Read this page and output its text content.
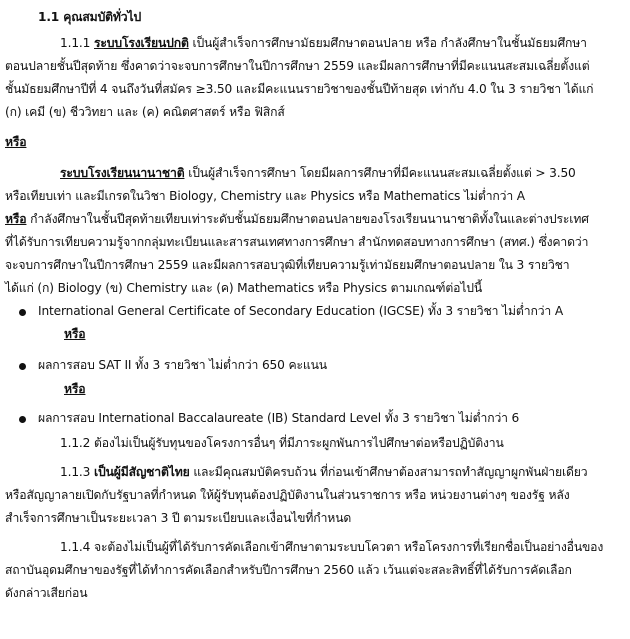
1.1 คุณสมบัติทั่วไป
1.1.1 ระบบโรงเรียนปกติ เป็นผู้สำเร็จการศึกษามัธยมศึกษาตอนปลาย หรือ กำลังศึกษาในชั้นมัธยมศึกษา
ตอนปลายชั้นปีสุดท้าย ซึ่งคาดว่าจะจบการศึกษาในปีการศึกษา 2559 และมีผลการศึกษาที่มีคะแนนสะสมเฉลี่ยตั้งแต่
ชั้นมัธยมศึกษาปีที่ 4 จนถึงวันที่สมัคร ≥3.50 และมีคะแนนรายวิชาของชั้นปีท้ายสุด เท่ากับ 4.0 ใน 3 รายวิชา ได้แก่
(ก) เคมี (ข) ชีววิทยา และ (ค) คณิตศาสตร์ หรือ ฟิสิกส์
หรือ
ระบบโรงเรียนนานาชาติ เป็นผู้สำเร็จการศึกษา โดยมีผลการศึกษาที่มีคะแนนสะสมเฉลี่ยตั้งแต่ > 3.50
หรือเทียบเท่า และมีเกรดในวิชา Biology, Chemistry และ Physics หรือ Mathematics ไม่ต่ำกว่า A
หรือ กำลังศึกษาในชั้นปีสุดท้ายเทียบเท่าระดับชั้นมัธยมศึกษาตอนปลายของโรงเรียนนานาชาติทั้งในและต่างประเทศ
ที่ได้รับการเทียบความรู้จากกลุ่มทะเบียนและสารสนเทศทางการศึกษา สำนักทดสอบทางการศึกษา (สทศ.) ซึ่งคาดว่า
จะจบการศึกษาในปีการศึกษา 2559 และมีผลการสอบวุฒิที่เทียบความรู้เท่ามัธยมศึกษาตอนปลาย ใน 3 รายวิชา
ได้แก่ (ก) Biology (ข) Chemistry และ (ค) Mathematics หรือ Physics ตามเกณฑ์ต่อไปนี้
International General Certificate of Secondary Education (IGCSE) ทั้ง 3 รายวิชา ไม่ต่ำกว่า A
หรือ
ผลการสอบ SAT II ทั้ง 3 รายวิชา ไม่ต่ำกว่า 650 คะแนน
หรือ
ผลการสอบ International Baccalaureate (IB) Standard Level ทั้ง 3 รายวิชา ไม่ต่ำกว่า 6
1.1.2 ต้องไม่เป็นผู้รับทุนของโครงการอื่นๆ ที่มีภาระผูกพันการไปศึกษาต่อหรือปฏิบัติงาน
1.1.3 เป็นผู้มีสัญชาติไทย และมีคุณสมบัติครบถ้วน ที่ก่อนเข้าศึกษาต้องสามารถทำสัญญาผูกพันฝ่ายเดียว
หรือสัญญาลายเปิดกับรัฐบาลที่กำหนด ให้ผู้รับทุนต้องปฏิบัติงานในส่วนราชการ หรือ หน่วยงานต่างๆ ของรัฐ หลัง
สำเร็จการศึกษาเป็นระยะเวลา 3 ปี ตามระเบียบและเงื่อนไขที่กำหนด
1.1.4 จะต้องไม่เป็นผู้ที่ได้รับการคัดเลือกเข้าศึกษาตามระบบโควตา หรือโครงการที่เรียกชื่อเป็นอย่างอื่นของ
สถาบันอุดมศึกษาของรัฐที่ได้ทำการคัดเลือกสำหรับปีการศึกษา 2560 แล้ว เว้นแต่จะสละสิทธิ์ที่ได้รับการคัดเลือก
ดังกล่าวเสียก่อน
